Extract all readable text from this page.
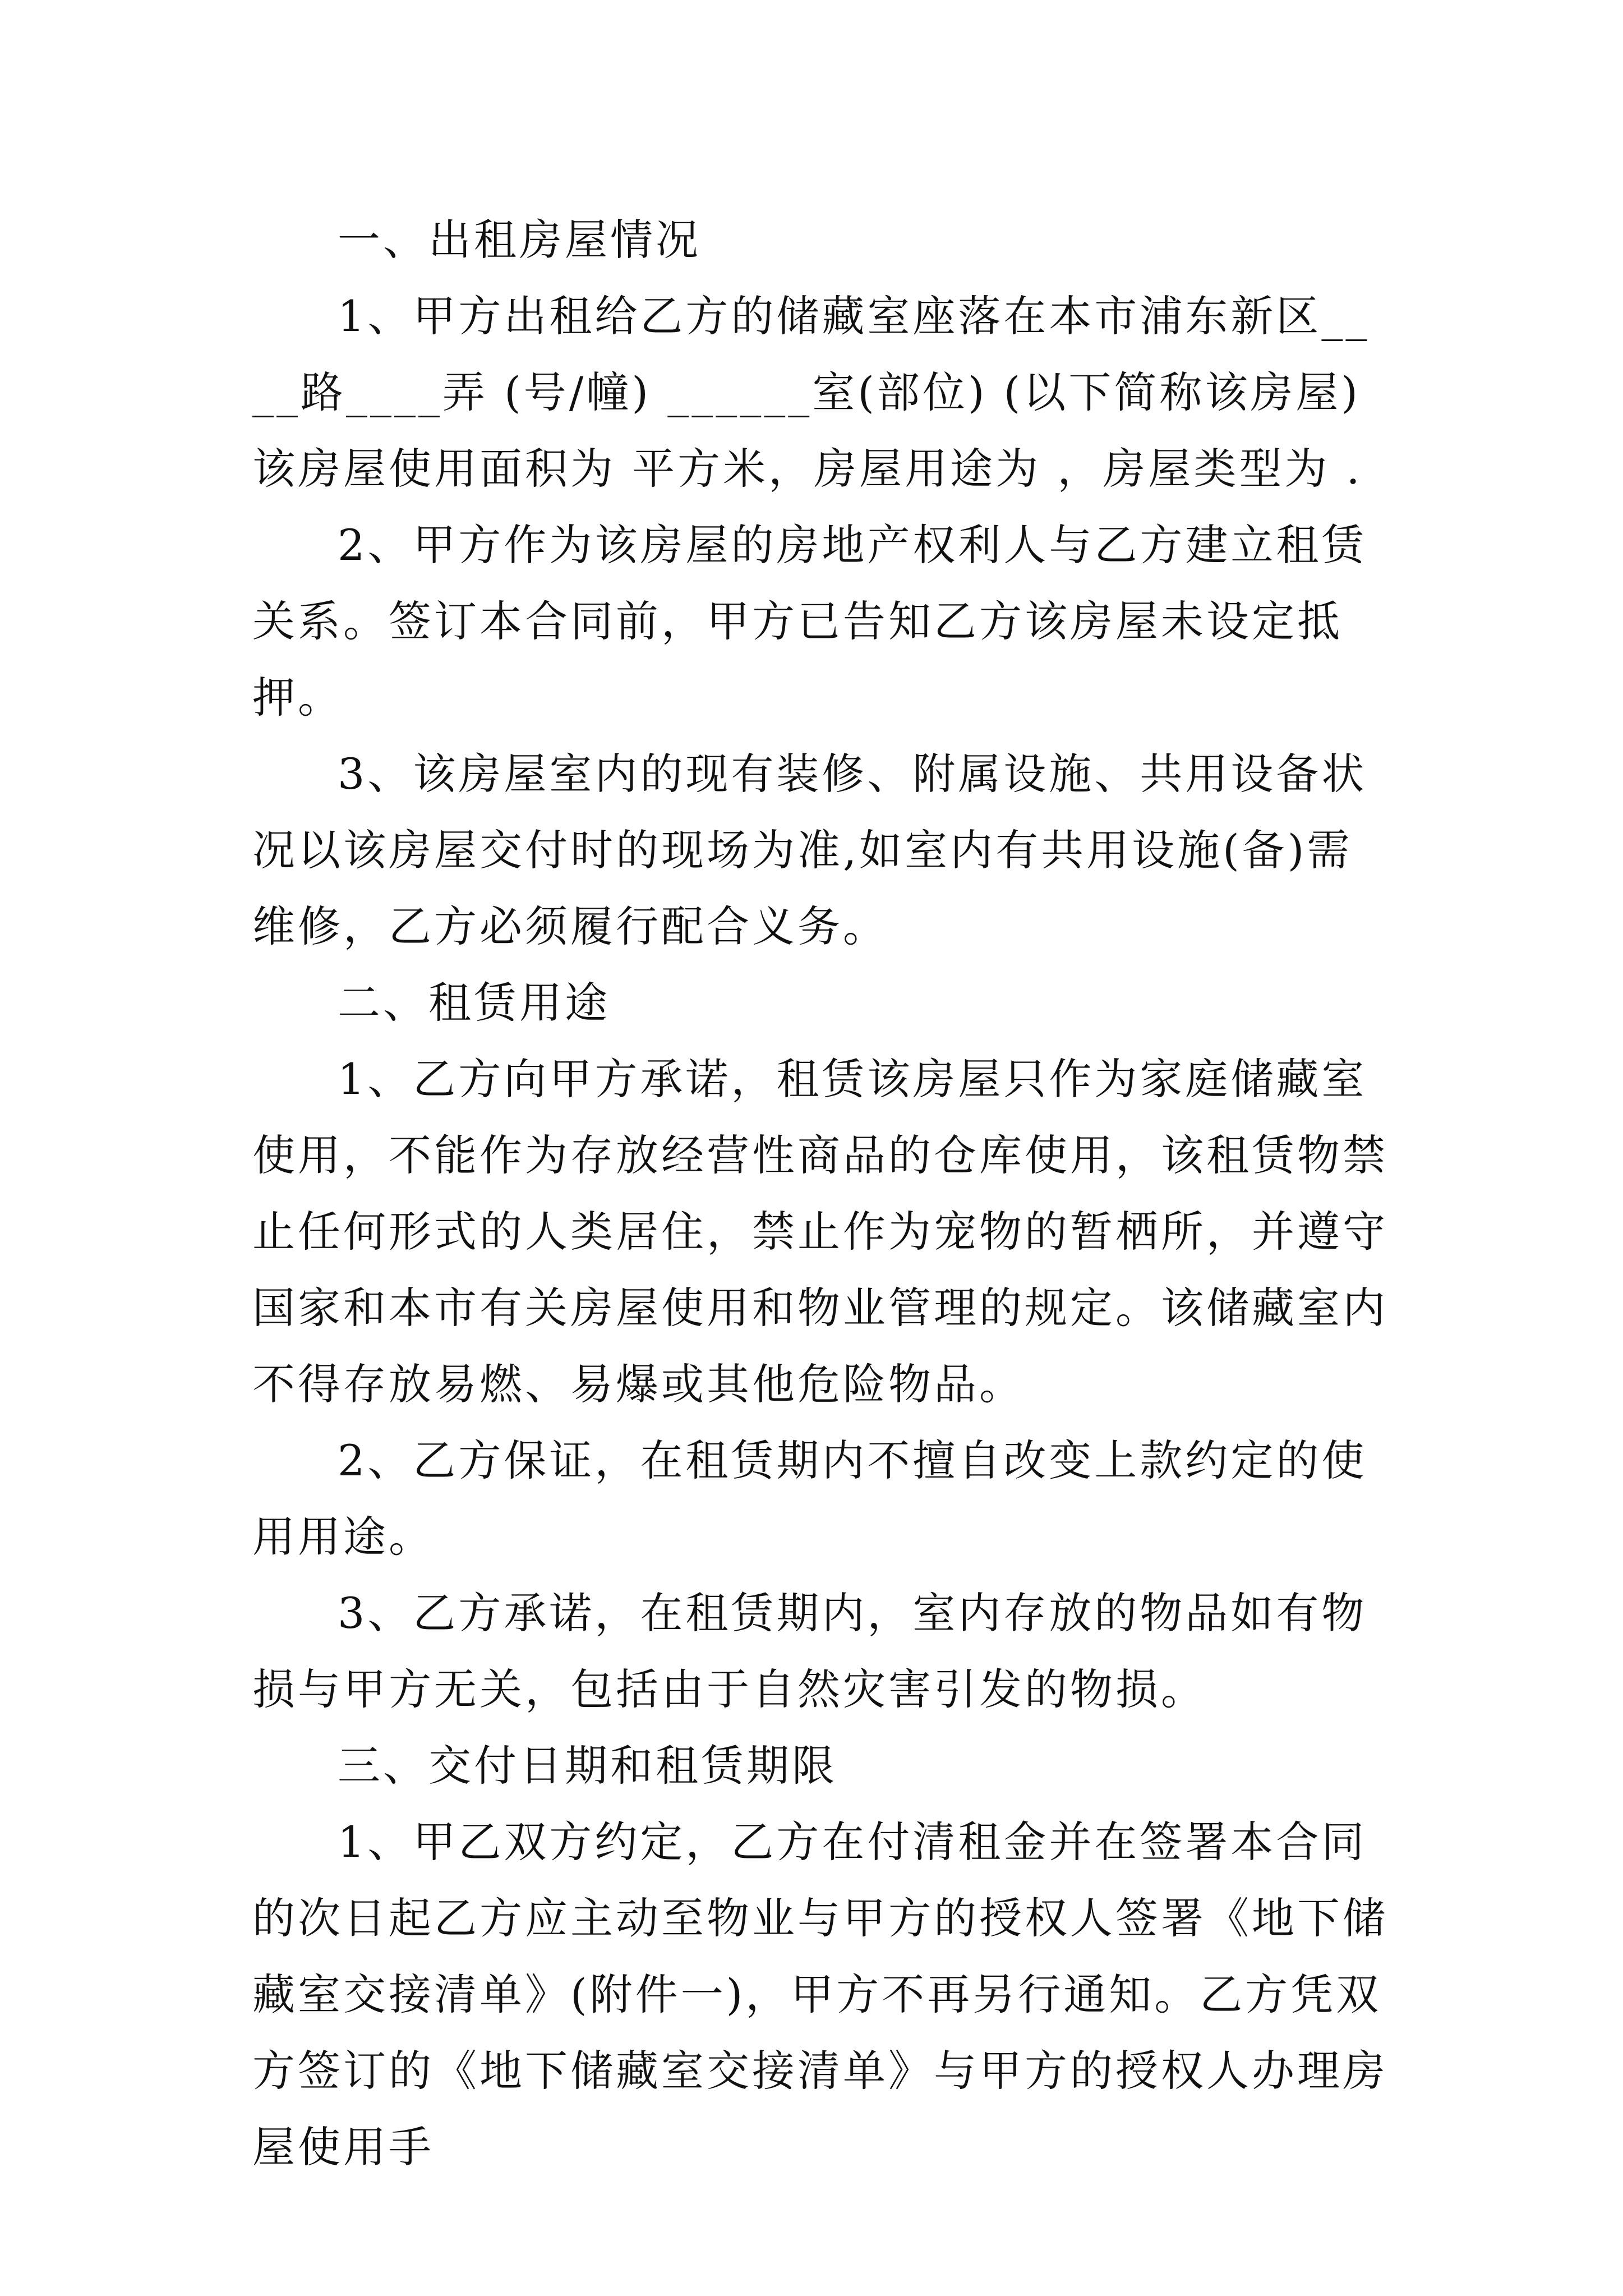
一、出租房屋情况

1、甲方出租给乙方的储藏室座落在本市浦东新区____路____弄 (号/幢) ______室(部位) (以下简称该房屋)该房屋使用面积为 平方米，房屋用途为 ，房屋类型为 .

2、甲方作为该房屋的房地产权利人与乙方建立租赁关系。签订本合同前，甲方已告知乙方该房屋未设定抵押。

3、该房屋室内的现有装修、附属设施、共用设备状况以该房屋交付时的现场为准,如室内有共用设施(备)需维修，乙方必须履行配合义务。

二、租赁用途

1、乙方向甲方承诺，租赁该房屋只作为家庭储藏室使用，不能作为存放经营性商品的仓库使用，该租赁物禁止任何形式的人类居住，禁止作为宠物的暂栖所，并遵守国家和本市有关房屋使用和物业管理的规定。该储藏室内不得存放易燃、易爆或其他危险物品。

2、乙方保证，在租赁期内不擅自改变上款约定的使用用途。

3、乙方承诺，在租赁期内，室内存放的物品如有物损与甲方无关，包括由于自然灾害引发的物损。

三、交付日期和租赁期限

1、甲乙双方约定，乙方在付清租金并在签署本合同的次日起乙方应主动至物业与甲方的授权人签署《地下储藏室交接清单》(附件一)，甲方不再另行通知。乙方凭双方签订的《地下储藏室交接清单》与甲方的授权人办理房屋使用手
